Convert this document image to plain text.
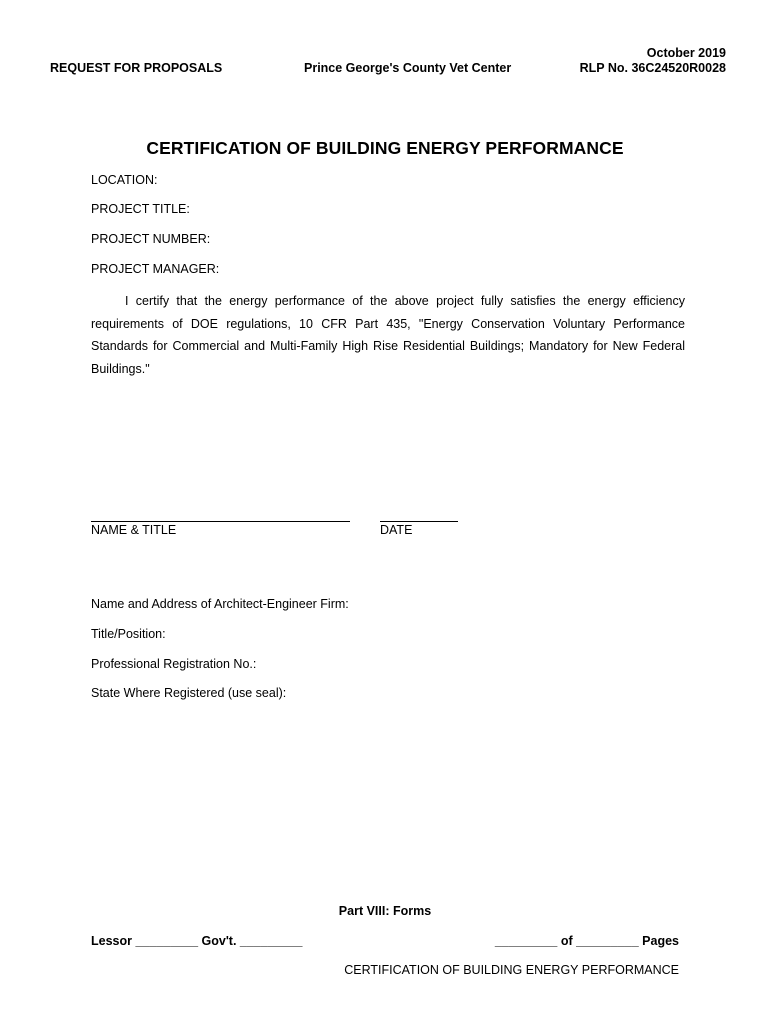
REQUEST FOR PROPOSALS	Prince George's County Vet Center
October 2019
RLP No. 36C24520R0028
CERTIFICATION OF BUILDING ENERGY PERFORMANCE
LOCATION:
PROJECT TITLE:
PROJECT NUMBER:
PROJECT MANAGER:
I certify that the energy performance of the above project fully satisfies the energy efficiency requirements of DOE regulations, 10 CFR Part 435, "Energy Conservation Voluntary Performance Standards for Commercial and Multi-Family High Rise Residential Buildings; Mandatory for New Federal Buildings."
NAME & TITLE	DATE
Name and Address of Architect-Engineer Firm:
Title/Position:
Professional Registration No.:
State Where Registered (use seal):
Part VIII: Forms
Lessor _________ Gov't. _________	_________ of _________ Pages
CERTIFICATION OF BUILDING ENERGY PERFORMANCE
